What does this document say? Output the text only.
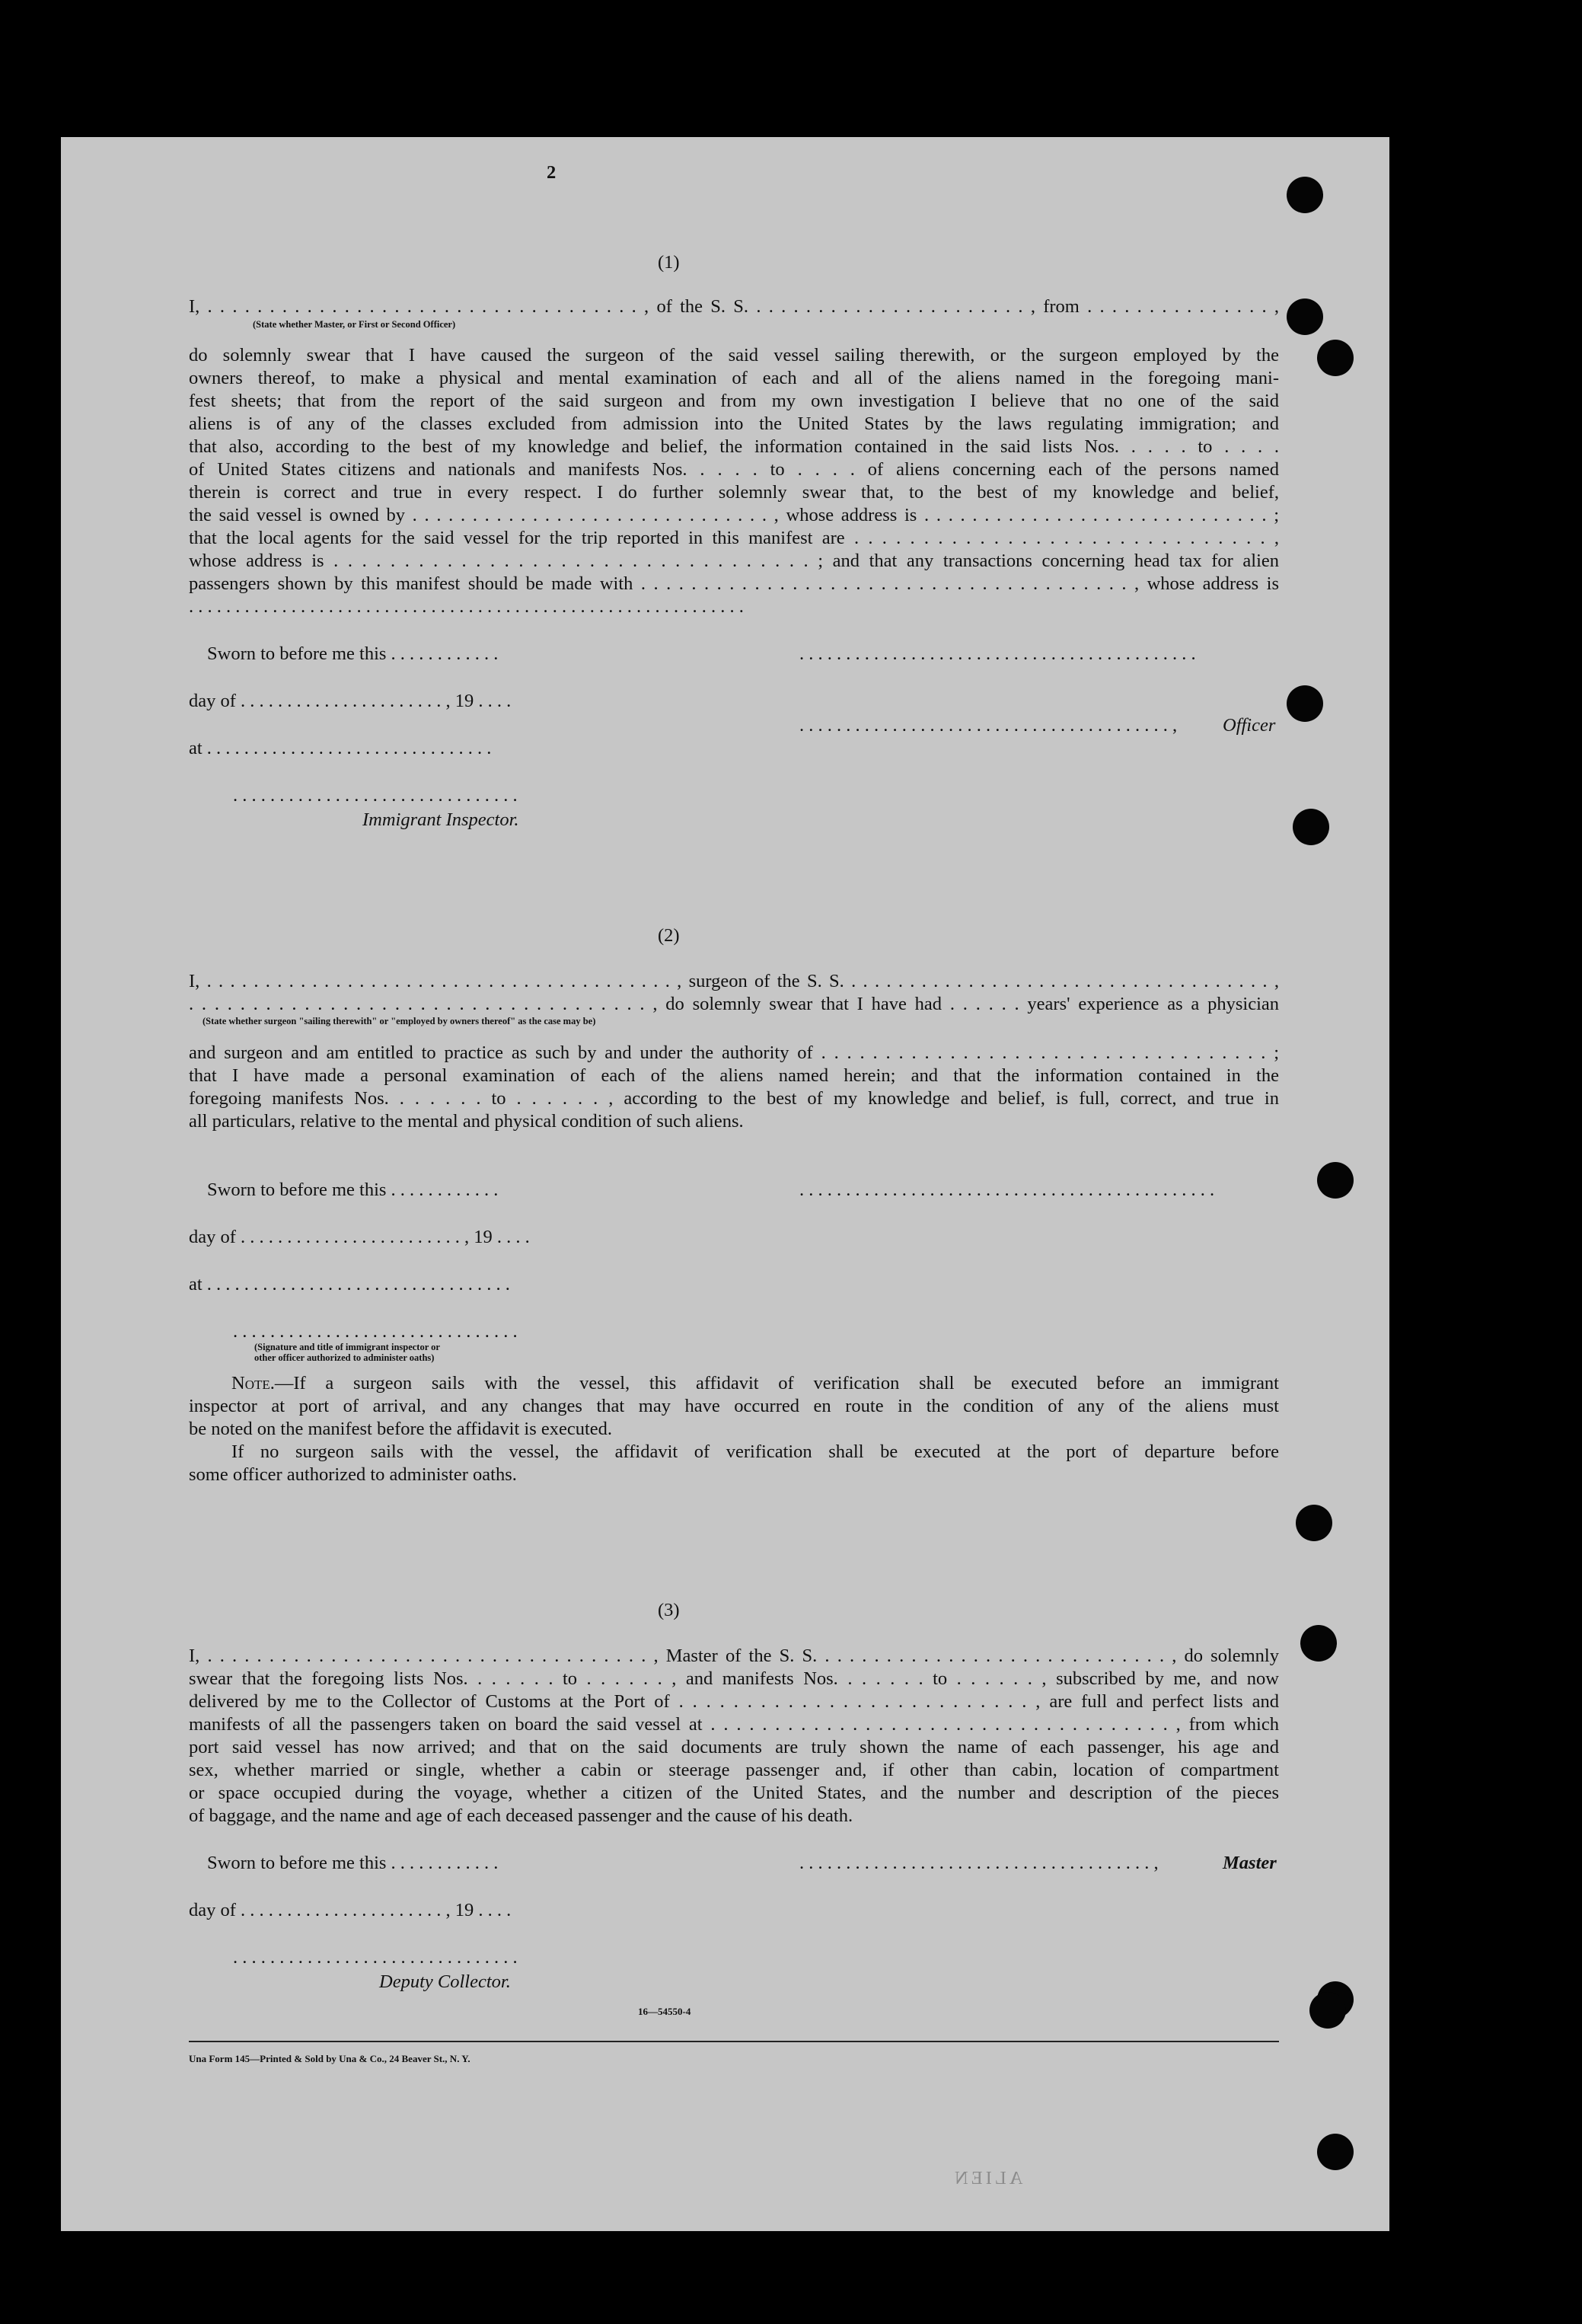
2
(1)
I, . . . . . . . . . . . . . . . . . . . . . . . . . . . . . . . . . . . , of the S. S. . . . . . . . . . . . . . . . . . . . . . . , from . . . . . . . . . . . . . . . ,
(State whether Master, or First or Second Officer)
do solemnly swear that I have caused the surgeon of the said vessel sailing therewith, or the surgeon employed by the
owners thereof, to make a physical and mental examination of each and all of the aliens named in the foregoing mani-
fest sheets; that from the report of the said surgeon and from my own investigation I believe that no one of the said
aliens is of any of the classes excluded from admission into the United States by the laws regulating immigration; and
that also, according to the best of my knowledge and belief, the information contained in the said lists Nos. . . . . to . . . .
of United States citizens and nationals and manifests Nos. . . . . to . . . . of aliens concerning each of the persons named
therein is correct and true in every respect. I do further solemnly swear that, to the best of my knowledge and belief,
the said vessel is owned by . . . . . . . . . . . . . . . . . . . . . . . . . . . . . . , whose address is . . . . . . . . . . . . . . . . . . . . . . . . . . . . . ;
that the local agents for the said vessel for the trip reported in this manifest are . . . . . . . . . . . . . . . . . . . . . . . . . . . . . . ,
whose address is . . . . . . . . . . . . . . . . . . . . . . . . . . . . . . . . . . ; and that any transactions concerning head tax for alien
passengers shown by this manifest should be made with . . . . . . . . . . . . . . . . . . . . . . . . . . . . . . . . . . . . . . . , whose address is
. . . . . . . . . . . . . . . . . . . . . . . . . . . . . . . . . . . . . . . . . . . . . . . . . . . . . . . . . . . .
Sworn to before me this . . . . . . . . . . . .
day of . . . . . . . . . . . . . . . . . . . . . . , 19 . . . .
at . . . . . . . . . . . . . . . . . . . . . . . . . . . . . . .
. . . . . . . . . . . . . . . . . . . . . . . . . . . . . . .
Immigrant Inspector.
. . . . . . . . . . . . . . . . . . . . . . . . . . . . . . . . . . . . . . . . . . .
. . . . . . . . . . . . . . . . . . . . . . . . . . . . . . . . . . . . . . . . , Officer
(2)
I, . . . . . . . . . . . . . . . . . . . . . . . . . . . . . . . . . . . . . . . . , surgeon of the S. S. . . . . . . . . . . . . . . . . . . . . . . . . . . . . . . . . . . . . ,
. . . . . . . . . . . . . . . . . . . . . . . . . . . . . . . . . . . . , do solemnly swear that I have had . . . . . . years' experience as a physician
(State whether surgeon "sailing therewith" or "employed by owners thereof" as the case may be)
and surgeon and am entitled to practice as such by and under the authority of . . . . . . . . . . . . . . . . . . . . . . . . . . . . . . . . . . . ;
that I have made a personal examination of each of the aliens named herein; and that the information contained in the
foregoing manifests Nos. . . . . . . to . . . . . . , according to the best of my knowledge and belief, is full, correct, and true in
all particulars, relative to the mental and physical condition of such aliens.
Sworn to before me this . . . . . . . . . . . .
day of . . . . . . . . . . . . . . . . . . . . . . . . , 19 . . . .
at . . . . . . . . . . . . . . . . . . . . . . . . . . . . . . . . .
. . . . . . . . . . . . . . . . . . . . . . . . . . . . . . .
(Signature and title of immigrant inspector or
other officer authorized to administer oaths)
. . . . . . . . . . . . . . . . . . . . . . . . . . . . . . . . . . . . . . . . . . . . .
Note.—If a surgeon sails with the vessel, this affidavit of verification shall be executed before an immigrant
inspector at port of arrival, and any changes that may have occurred en route in the condition of any of the aliens must
be noted on the manifest before the affidavit is executed.
If no surgeon sails with the vessel, the affidavit of verification shall be executed at the port of departure before
some officer authorized to administer oaths.
(3)
I, . . . . . . . . . . . . . . . . . . . . . . . . . . . . . . . . . . . . , Master of the S. S. . . . . . . . . . . . . . . . . . . . . . . . . . . . . , do solemnly
swear that the foregoing lists Nos. . . . . . . to . . . . . . , and manifests Nos. . . . . . . to . . . . . . , subscribed by me, and now
delivered by me to the Collector of Customs at the Port of . . . . . . . . . . . . . . . . . . . . . . . . . . , are full and perfect lists and
manifests of all the passengers taken on board the said vessel at . . . . . . . . . . . . . . . . . . . . . . . . . . . . . . . . . . . . , from which
port said vessel has now arrived; and that on the said documents are truly shown the name of each passenger, his age and
sex, whether married or single, whether a cabin or steerage passenger and, if other than cabin, location of compartment
or space occupied during the voyage, whether a citizen of the United States, and the number and description of the pieces
of baggage, and the name and age of each deceased passenger and the cause of his death.
Sworn to before me this . . . . . . . . . . . .
day of . . . . . . . . . . . . . . . . . . . . . . , 19 . . . .
. . . . . . . . . . . . . . . . . . . . . . . . . . . . . . .
Deputy Collector.
. . . . . . . . . . . . . . . . . . . . . . . . . . . . . . . . . . . . . . ,	Master
16—54550-4
Una Form 145—Printed & Sold by Una & Co., 24 Beaver St., N. Y.
ALIEN
